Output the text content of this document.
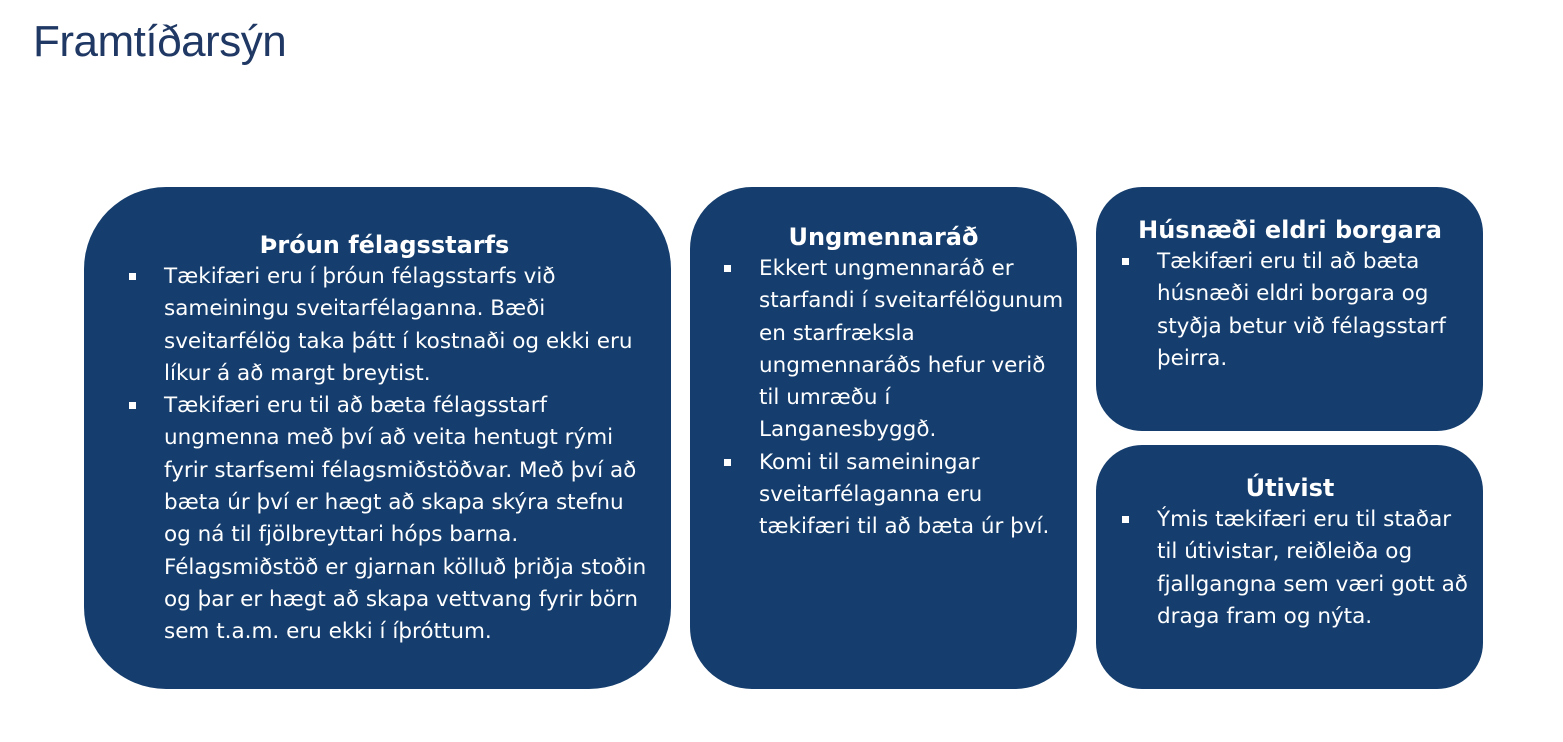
Framtíðarsýn
Þróun félagsstarfs
Tækifæri eru í þróun félagsstarfs við sameiningu sveitarfélaganna. Bæði sveitarfélög taka þátt í kostnaði og ekki eru líkur á að margt breytist.
Tækifæri eru til að bæta félagsstarf ungmenna með því að veita hentugt rými fyrir starfsemi félagsmiðstöðvar. Með því að bæta úr því er hægt að skapa skýra stefnu og ná til fjölbreyttari hóps barna. Félagsmiðstöð er gjarnan kölluð þriðja stoðin og þar er hægt að skapa vettvang fyrir börn sem t.a.m. eru ekki í íþróttum.
Ungmennaráð
Ekkert ungmennaráð er starfandi í sveitarfélögunum en starfræksla ungmennaráðs hefur verið til umræðu í Langanesbyggð.
Komi til sameiningar sveitarfélaganna eru tækifæri til að bæta úr því.
Húsnæði eldri borgara
Tækifæri eru til að bæta húsnæði eldri borgara og styðja betur við félagsstarf þeirra.
Útivist
Ýmis tækifæri eru til staðar til útivistar, reiðleiða og fjallgangna sem væri gott að draga fram og nýta.
